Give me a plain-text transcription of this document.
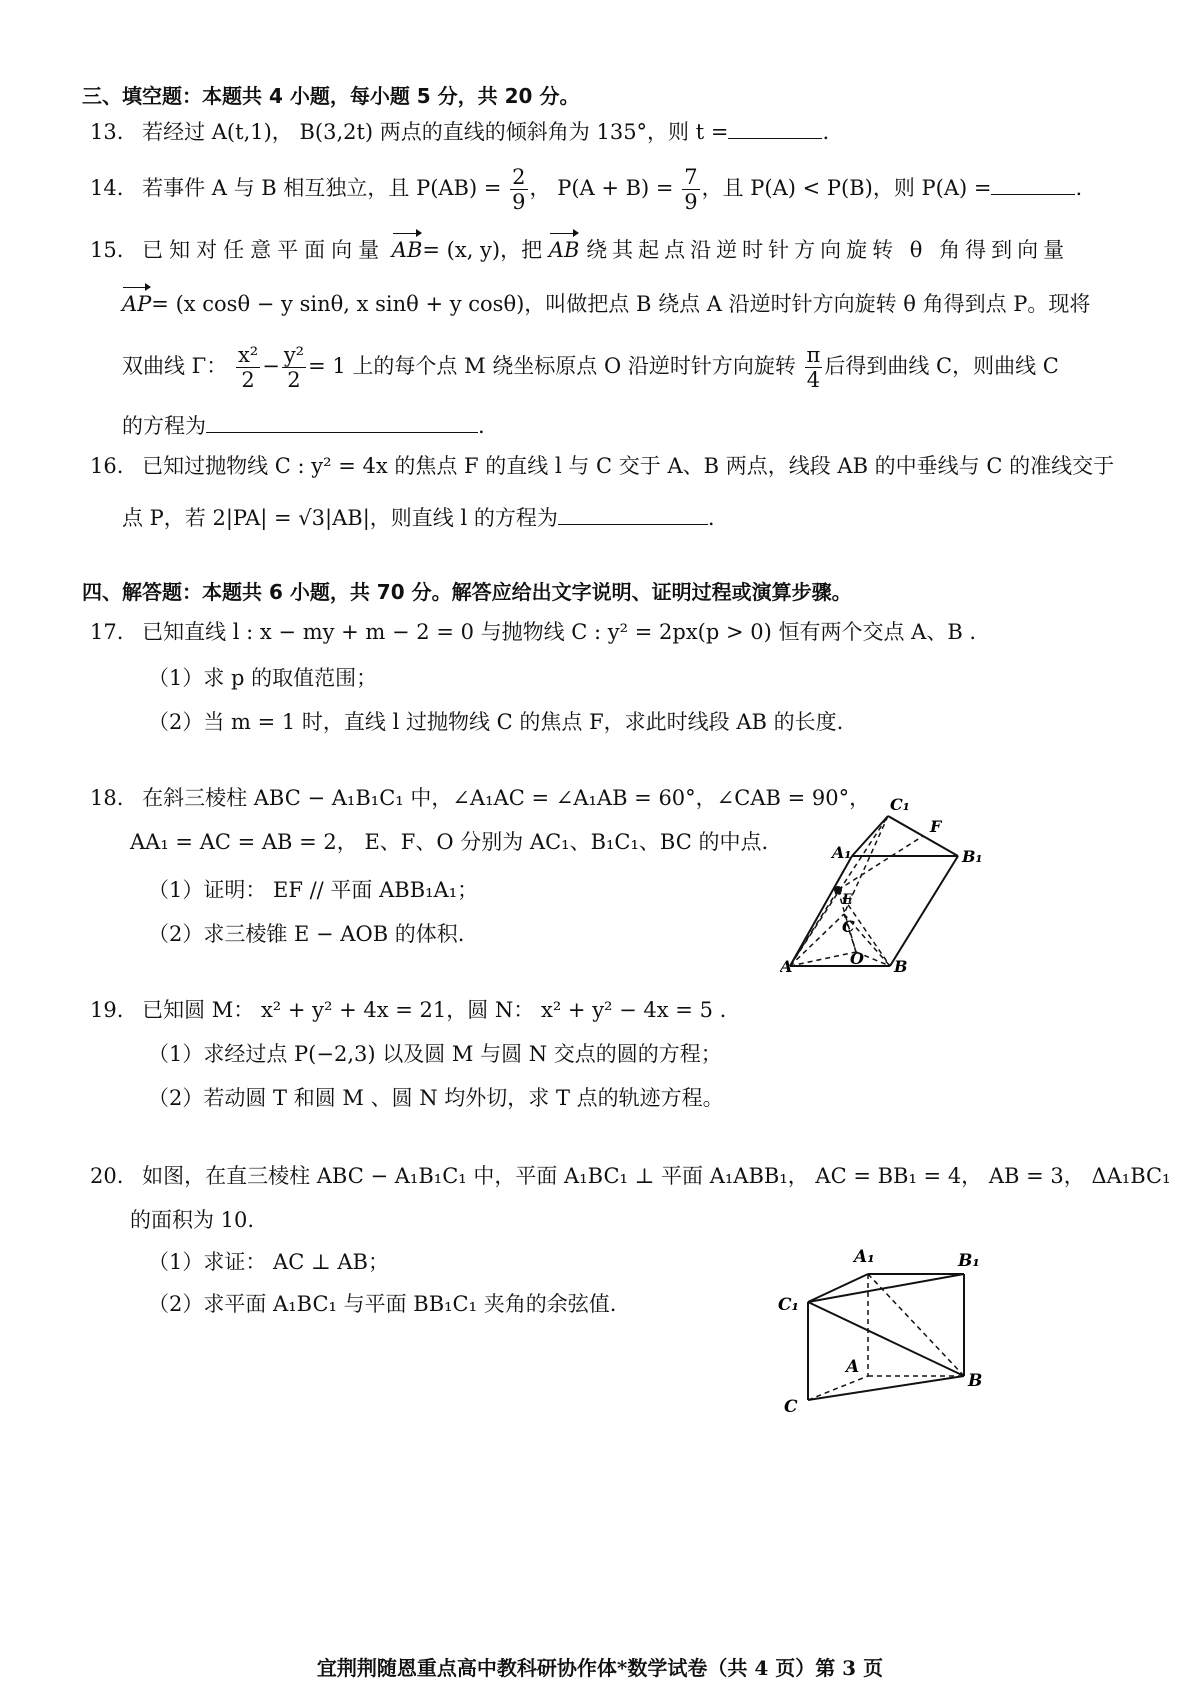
三、填空题：本题共 4 小题，每小题 5 分，共 20 分。
13. 若经过 A(t,1)， B(3,2t) 两点的直线的倾斜角为 135°，则 t =	.
14. 若事件 A 与 B 相互独立，且 $P(AB) = \frac{2}{9}$ ， $P(A + B) = \frac{7}{9}$ ，且 P(A) < P(B)，则 P(A) =	.
15. 已知对任意平面向量 AB= (x, y)，把 AB 绕其起点沿逆时针方向旋转 θ 角得到向量
AP= (x cosθ − y sinθ, x sinθ + y cosθ)，叫做把点 B 绕点 A 沿逆时针方向旋转 θ 角得到点 P。现将
双曲线 Γ： $\frac{\text{x²}}{2} - \frac{\text{y²}}{2} = 1$ 上的每个点 M 绕坐标原点 O 沿逆时针方向旋转 $\frac{\pi}{4}$ 后得到曲线 C，则曲线 C
的方程为	.
16. 已知过抛物线 C : y² = 4x 的焦点 F 的直线 l 与 C 交于 A、B 两点，线段 AB 的中垂线与 C 的准线交于
点 P，若 2|PA| = √3|AB|，则直线 l 的方程为	.
四、解答题：本题共 6 小题，共 70 分。解答应给出文字说明、证明过程或演算步骤。
17. 已知直线 l : x − my + m − 2 = 0 与抛物线 C : y² = 2px(p > 0) 恒有两个交点 A、B .
（1）求 p 的取值范围；
（2）当 m = 1 时，直线 l 过抛物线 C 的焦点 F，求此时线段 AB 的长度.
18. 在斜三棱柱 ABC − A₁B₁C₁ 中，∠A₁AC = ∠A₁AB = 60°，∠CAB = 90°，
AA₁ = AC = AB = 2， E、F、O 分别为 AC₁、B₁C₁、BC 的中点.
（1）证明： EF // 平面 ABB₁A₁；
（2）求三棱锥 E − AOB 的体积.
C₁
F
A₁	B₁
E
C
A	O B
19. 已知圆 M： x² + y² + 4x = 21，圆 N： x² + y² − 4x = 5 .
（1）求经过点 P(−2,3) 以及圆 M 与圆 N 交点的圆的方程；
（2）若动圆 T 和圆 M 、圆 N 均外切，求 T 点的轨迹方程。
20. 如图，在直三棱柱 ABC − A₁B₁C₁ 中，平面 A₁BC₁ ⊥ 平面 A₁ABB₁， AC = BB₁ = 4， AB = 3， ΔA₁BC₁
的面积为 10.
（1）求证： AC ⊥ AB；
（2）求平面 A₁BC₁ 与平面 BB₁C₁ 夹角的余弦值.
A₁	B₁
C₁
A
B
C
宜荆荆随恩重点高中教科研协作体*数学试卷（共 4 页）第 3 页
